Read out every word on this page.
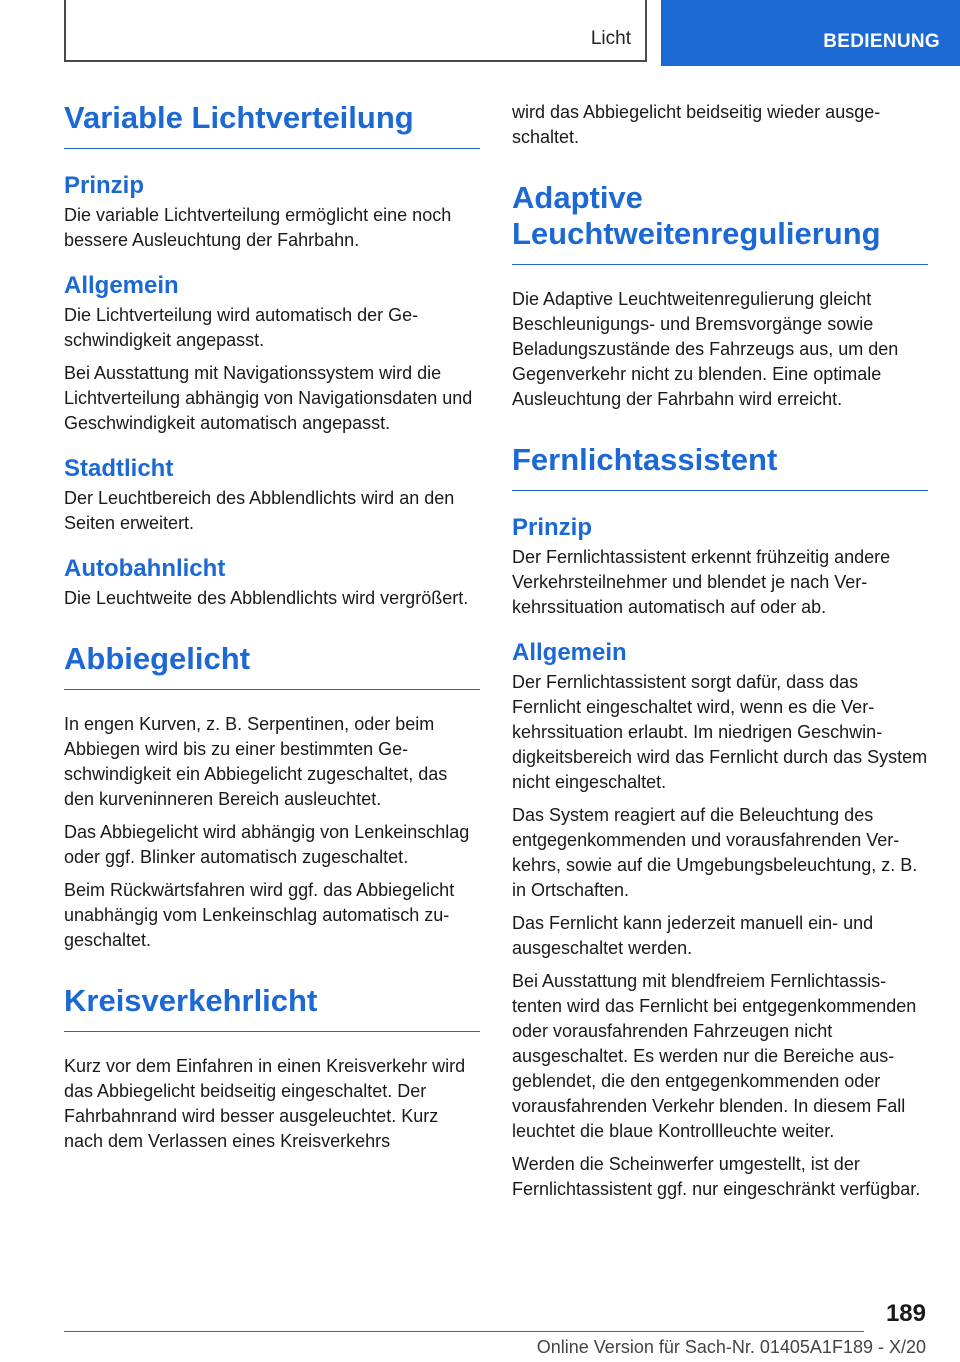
Licht	BEDIENUNG
Variable Lichtverteilung
Prinzip

Die variable Lichtverteilung ermöglicht eine noch bessere Ausleuchtung der Fahrbahn.

Allgemein

Die Lichtverteilung wird automatisch der Geschwindigkeit angepasst.

Bei Ausstattung mit Navigationssystem wird die Lichtverteilung abhängig von Navigationsdaten und Geschwindigkeit automatisch angepasst.

Stadtlicht

Der Leuchtbereich des Abblendlichts wird an den Seiten erweitert.

Autobahnlicht

Die Leuchtweite des Abblendlichts wird vergrößert.

Abbiegelicht

In engen Kurven, z. B. Serpentinen, oder beim Abbiegen wird bis zu einer bestimmten Geschwindigkeit ein Abbiegelicht zugeschaltet, das den kurveninneren Bereich ausleuchtet.

Das Abbiegelicht wird abhängig von Lenkeinschlag oder ggf. Blinker automatisch zugeschaltet.

Beim Rückwärtsfahren wird ggf. das Abbiegelicht unabhängig vom Lenkeinschlag automatisch zugeschaltet.

Kreisverkehrlicht

Kurz vor dem Einfahren in einen Kreisverkehr wird das Abbiegelicht beidseitig eingeschaltet. Der Fahrbahnrand wird besser ausgeleuchtet. Kurz nach dem Verlassen eines Kreisverkehrs

wird das Abbiegelicht beidseitig wieder ausgeschaltet.

Adaptive Leuchtweitenregulierung

Die Adaptive Leuchtweitenregulierung gleicht Beschleunigungs- und Bremsvorgänge sowie Beladungszustände des Fahrzeugs aus, um den Gegenverkehr nicht zu blenden. Eine optimale Ausleuchtung der Fahrbahn wird erreicht.

Fernlichtassistent
Prinzip

Der Fernlichtassistent erkennt frühzeitig andere Verkehrsteilnehmer und blendet je nach Verkehrssituation automatisch auf oder ab.

Allgemein

Der Fernlichtassistent sorgt dafür, dass das Fernlicht eingeschaltet wird, wenn es die Verkehrssituation erlaubt. Im niedrigen Geschwindigkeitsbereich wird das Fernlicht durch das System nicht eingeschaltet.

Das System reagiert auf die Beleuchtung des entgegenkommenden und vorausfahrenden Verkehrs, sowie auf die Umgebungsbeleuchtung, z. B. in Ortschaften.

Das Fernlicht kann jederzeit manuell ein- und ausgeschaltet werden.

Bei Ausstattung mit blendfreiem Fernlichtassistenten wird das Fernlicht bei entgegenkommenden oder vorausfahrenden Fahrzeugen nicht ausgeschaltet. Es werden nur die Bereiche ausgeblendet, die den entgegenkommenden oder vorausfahrenden Verkehr blenden. In diesem Fall leuchtet die blaue Kontrollleuchte weiter.

Werden die Scheinwerfer umgestellt, ist der Fernlichtassistent ggf. nur eingeschränkt verfügbar.

189
Online Version für Sach-Nr. 01405A1F189 - X/20
